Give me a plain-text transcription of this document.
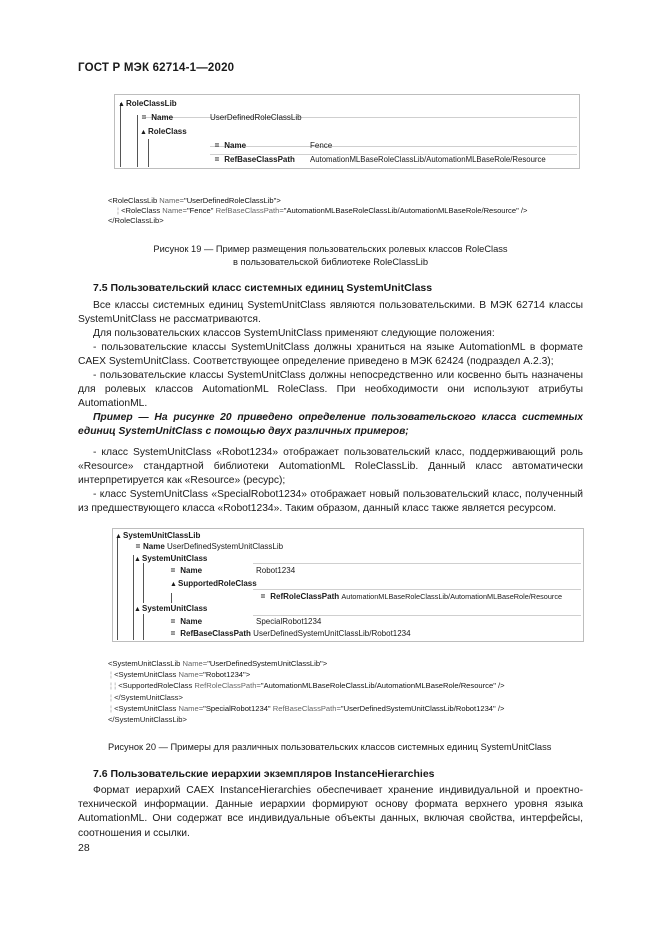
ГОСТ Р МЭК 62714-1—2020
▲RoleClassLib
= Name	UserDefinedRoleClassLib
▲RoleClass
= Name	Fence
= RefBaseClassPath AutomationMLBaseRoleClassLib/AutomationMLBaseRole/Resource
<RoleClassLib Name="UserDefinedRoleClassLib">
¦ <RoleClass Name="Fence" RefBaseClassPath="AutomationMLBaseRoleClassLib/AutomationMLBaseRole/Resource" />
</RoleClassLib>
Рисунок 19 — Пример размещения пользовательских ролевых классов RoleClass
в пользовательской библиотеке RoleClassLib
7.5 Пользовательский класс системных единиц SystemUnitClass
Все классы системных единиц SystemUnitClass являются пользовательскими. В МЭК 62714 классы SystemUnitClass не рассматриваются.
Для пользовательских классов SystemUnitClass применяют следующие положения:
- пользовательские классы SystemUnitClass должны храниться на языке AutomationML в формате CAEX SystemUnitClass. Соответствующее определение приведено в МЭК 62424 (подраздел A.2.3);
- пользовательские классы SystemUnitClass должны непосредственно или косвенно быть назначены для ролевых классов AutomationML RoleClass. При необходимости они используют атрибуты AutomationML.
Пример — На рисунке 20 приведено определение пользовательского класса системных единиц SystemUnitClass с помощью двух различных примеров;
- класс SystemUnitClass «Robot1234» отображает пользовательский класс, поддерживающий роль «Resource» стандартной библиотеки AutomationML RoleClassLib. Данный класс автоматически интерпретируется как «Resource» (ресурс);
- класс SystemUnitClass «SpecialRobot1234» отображает новый пользовательский класс, полученный из предшествующего класса «Robot1234». Таким образом, данный класс также является ресурсом.
▲SystemUnitClassLib
= Name UserDefinedSystemUnitClassLib
▲SystemUnitClass
= Name	Robot1234
▲SupportedRoleClass
= RefRoleClassPath AutomationMLBaseRoleClassLib/AutomationMLBaseRole/Resource
▲SystemUnitClass
= Name	SpecialRobot1234
= RefBaseClassPath UserDefinedSystemUnitClassLib/Robot1234
<SystemUnitClassLib Name="UserDefinedSystemUnitClassLib">
¦ <SystemUnitClass Name="Robot1234">
¦ ¦ <SupportedRoleClass RefRoleClassPath="AutomationMLBaseRoleClassLib/AutomationMLBaseRole/Resource" />
¦ </SystemUnitClass>
¦ <SystemUnitClass Name="SpecialRobot1234" RefBaseClassPath="UserDefinedSystemUnitClassLib/Robot1234" />
</SystemUnitClassLib>
Рисунок 20 — Примеры для различных пользовательских классов системных единиц SystemUnitClass
7.6 Пользовательские иерархии экземпляров InstanceHierarchies
Формат иерархий CAEX InstanceHierarchies обеспечивает хранение индивидуальной и проектно-технической информации. Данные иерархии формируют основу формата верхнего уровня языка AutomationML. Они содержат все индивидуальные объекты данных, включая свойства, интерфейсы, соотношения и ссылки.
28
